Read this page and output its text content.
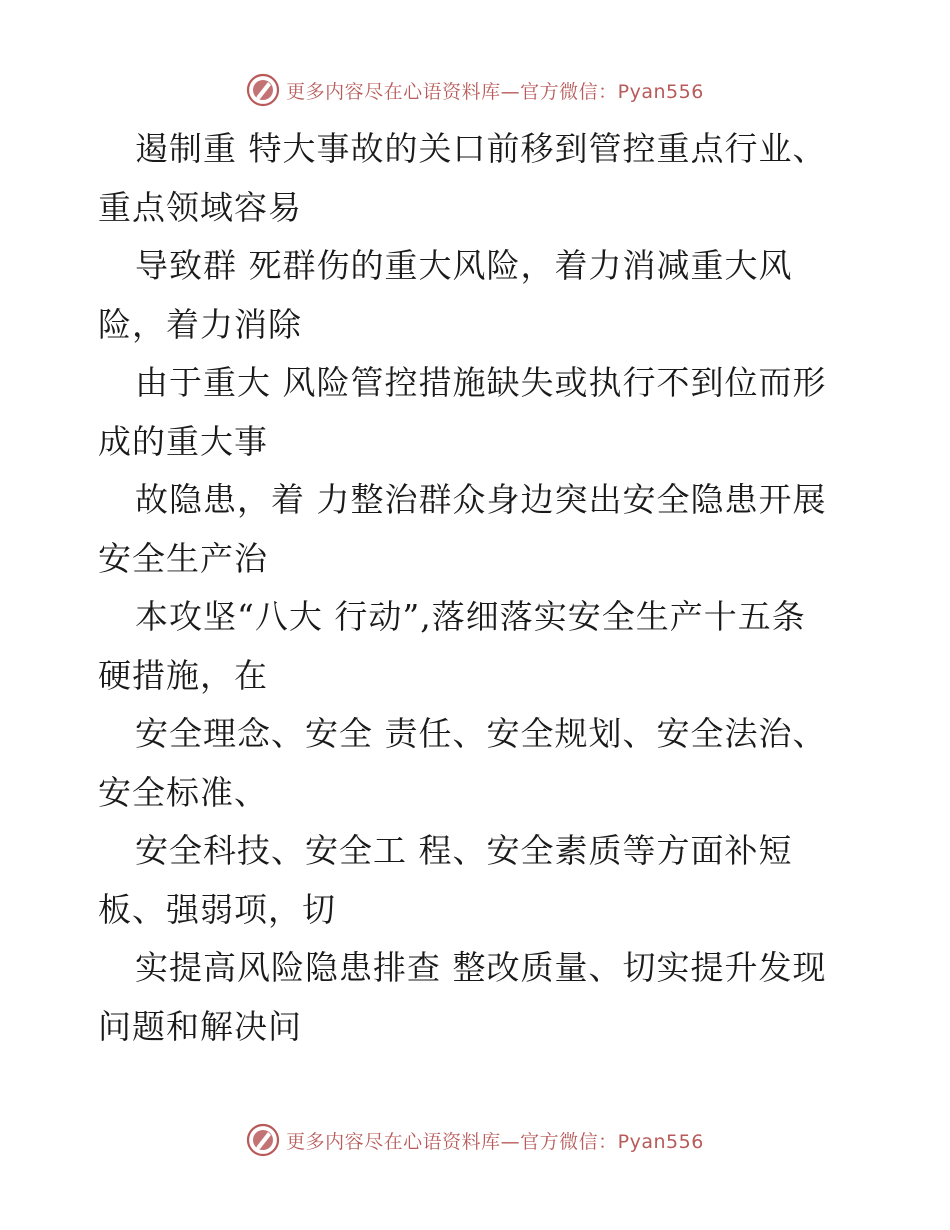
更多内容尽在心语资料库—官方微信：Pyan556

遏制重 特大事故的关口前移到管控重点行业、
重点领域容易

导致群 死群伤的重大风险，着力消减重大风
险，着力消除

由于重大 风险管控措施缺失或执行不到位而形
成的重大事

故隐患，着 力整治群众身边突出安全隐患开展
安全生产治

本攻坚“八大 行动”,落细落实安全生产十五条
硬措施，在

安全理念、安全 责任、安全规划、安全法治、
安全标准、

安全科技、安全工 程、安全素质等方面补短
板、强弱项，切

实提高风险隐患排查 整改质量、切实提升发现
问题和解决问

更多内容尽在心语资料库—官方微信：Pyan556
